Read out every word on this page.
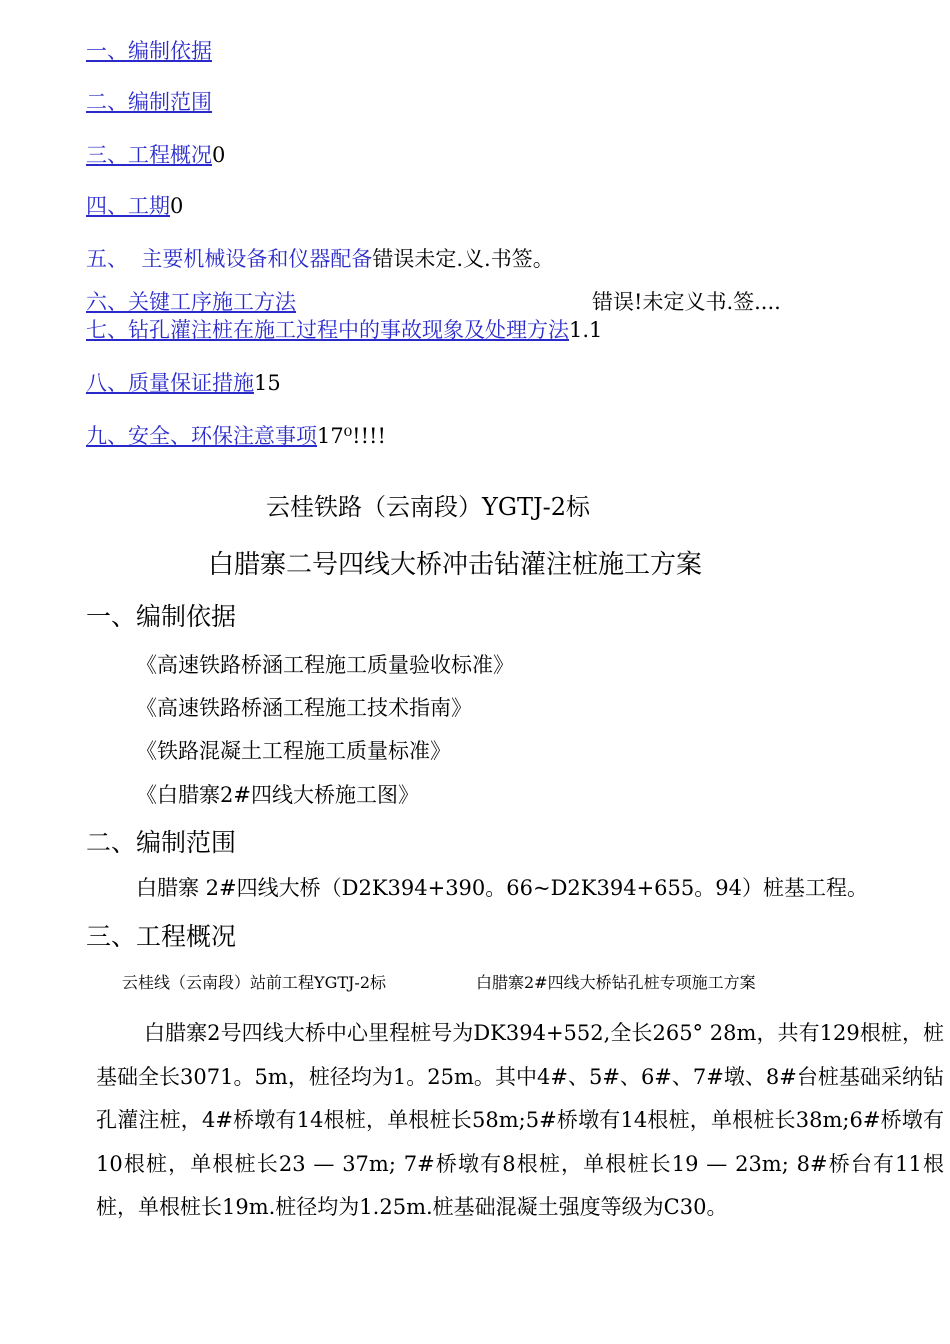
一、编制依据
二、编制范围
三、工程概况0
四、工期0
五、  主要机械设备和仪器配备错误未定.义.书签。
六、关键工序施工方法	错误!未定义书.签....
七、钻孔灌注桩在施工过程中的事故现象及处理方法1.1
八、质量保证措施15
九、安全、环保注意事项17⁰!!!!
云桂铁路（云南段）YGTJ-2标
白腊寨二号四线大桥冲击钻灌注桩施工方案
一、编制依据
《高速铁路桥涵工程施工质量验收标准》
《高速铁路桥涵工程施工技术指南》
《铁路混凝土工程施工质量标准》
《白腊寨2#四线大桥施工图》
二、编制范围
白腊寨 2#四线大桥（D2K394+390。66~D2K394+655。94）桩基工程。
三、工程概况
云桂线（云南段）站前工程YGTJ-2标	白腊寨2#四线大桥钻孔桩专项施工方案

白腊寨2号四线大桥中心里程桩号为DK394+552,全长265° 28m，共有129根桩，桩基础全长3071。5m，桩径均为1。25m。其中4#、5#、6#、7#墩、8#台桩基础采纳钻孔灌注桩，4#桥墩有14根桩，单根桩长58m;5#桥墩有14根桩，单根桩长38m;6#桥墩有10根桩，单根桩长23 — 37m; 7#桥墩有8根桩，单根桩长19 — 23m; 8#桥台有11根桩，单根桩长19m.桩径均为1.25m.桩基础混凝土强度等级为C30。
